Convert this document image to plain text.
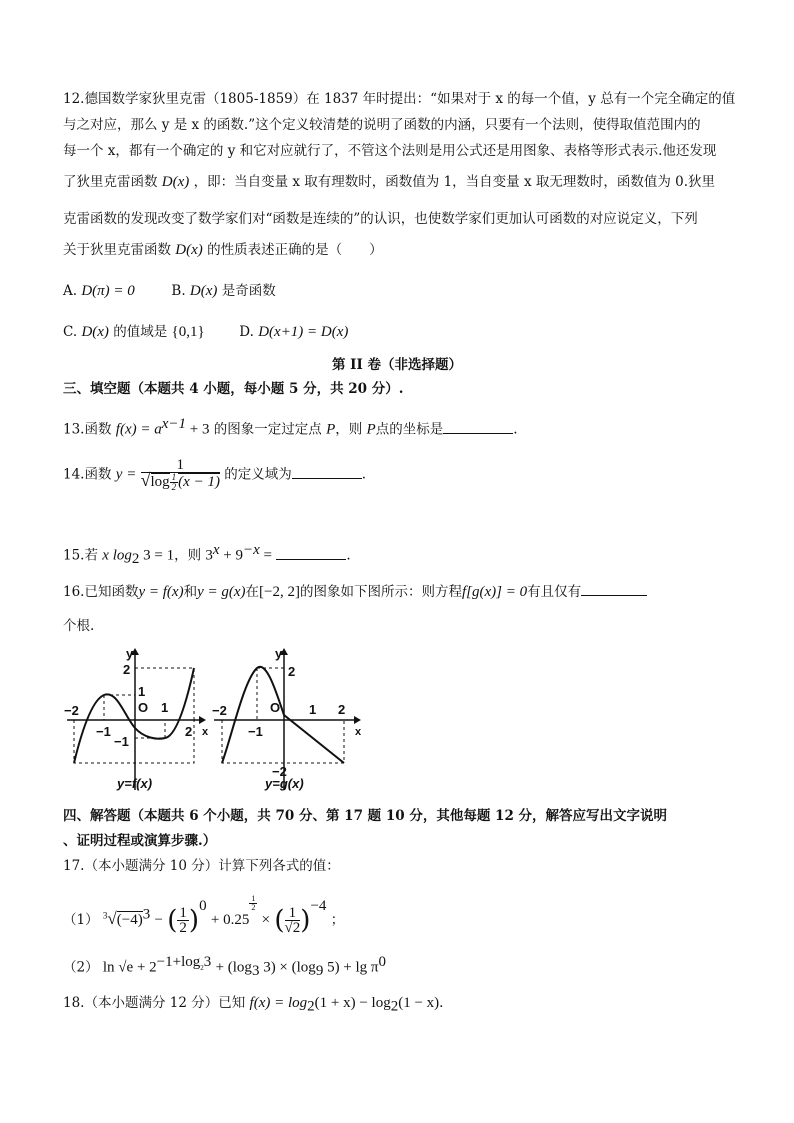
12.德国数学家狄里克雷（1805-1859）在 1837 年时提出：“如果对于 x 的每一个值，y 总有一个完全确定的值
与之对应，那么 y 是 x 的函数.”这个定义较清楚的说明了函数的内涵，只要有一个法则，使得取值范围内的
每一个 x，都有一个确定的 y 和它对应就行了，不管这个法则是用公式还是用图象、表格等形式表示.他还发现
了狄里克雷函数 D(x) ，即：当自变量 x 取有理数时，函数值为 1，当自变量 x 取无理数时，函数值为 0.狄里
克雷函数的发现改变了数学家们对“函数是连续的”的认识，也使数学家们更加认可函数的对应说定义，下列
关于狄里克雷函数 D(x) 的性质表述正确的是（　　）
A. D(π) = 0	B. D(x) 是奇函数
C. D(x) 的值域是 {0,1}	D. D(x+1) = D(x)
第 II 卷（非选择题）
三、填空题（本题共 4 小题，每小题 5 分，共 20 分）.
13.函数 $f(x) = a^{x-1} + 3$ 的图象一定过定点 P，则 P点的坐标是	.
14.函数 $y = \frac{1}{√\log \frac{1}{2} (x - 1)}$ 的定义域为	.
15.若 x $\log_2 3 = 1$，则 $3^x + 9^{-x}$ =	.
16.已知函数y = f(x)和y = g(x)在[−2, 2]的图象如下图所示：则方程f[g(x)] = 0有且仅有
个根.
y
x
O
−2
−1
1
2
2
1
−1
y=f(x)
y
x
O
−2
−1
1 2
2
−2
y=g(x)
四、解答题（本题共 6 个小题，共 70 分、第 17 题 10 分，其他每题 12 分，解答应写出文字说明
、证明过程或演算步骤.）
17.（本小题满分 10 分）计算下列各式的值：
（1） $^3√(-4)^3$ − ( $\frac{1}{2} )^0 + 0.25$
$\frac{1}{2}$
× ( $\frac{1}{√2} )^{-4}$ ；
（2） $\ln √e + 2^{-1+log_23} + (\log_3$ $3) \times (\log_9$ $5) + \lg \pi^0$
18.（本小题满分 12 分）已知 $f(x) = \log_2(1 + x) - \log_2(1 - x)$.
